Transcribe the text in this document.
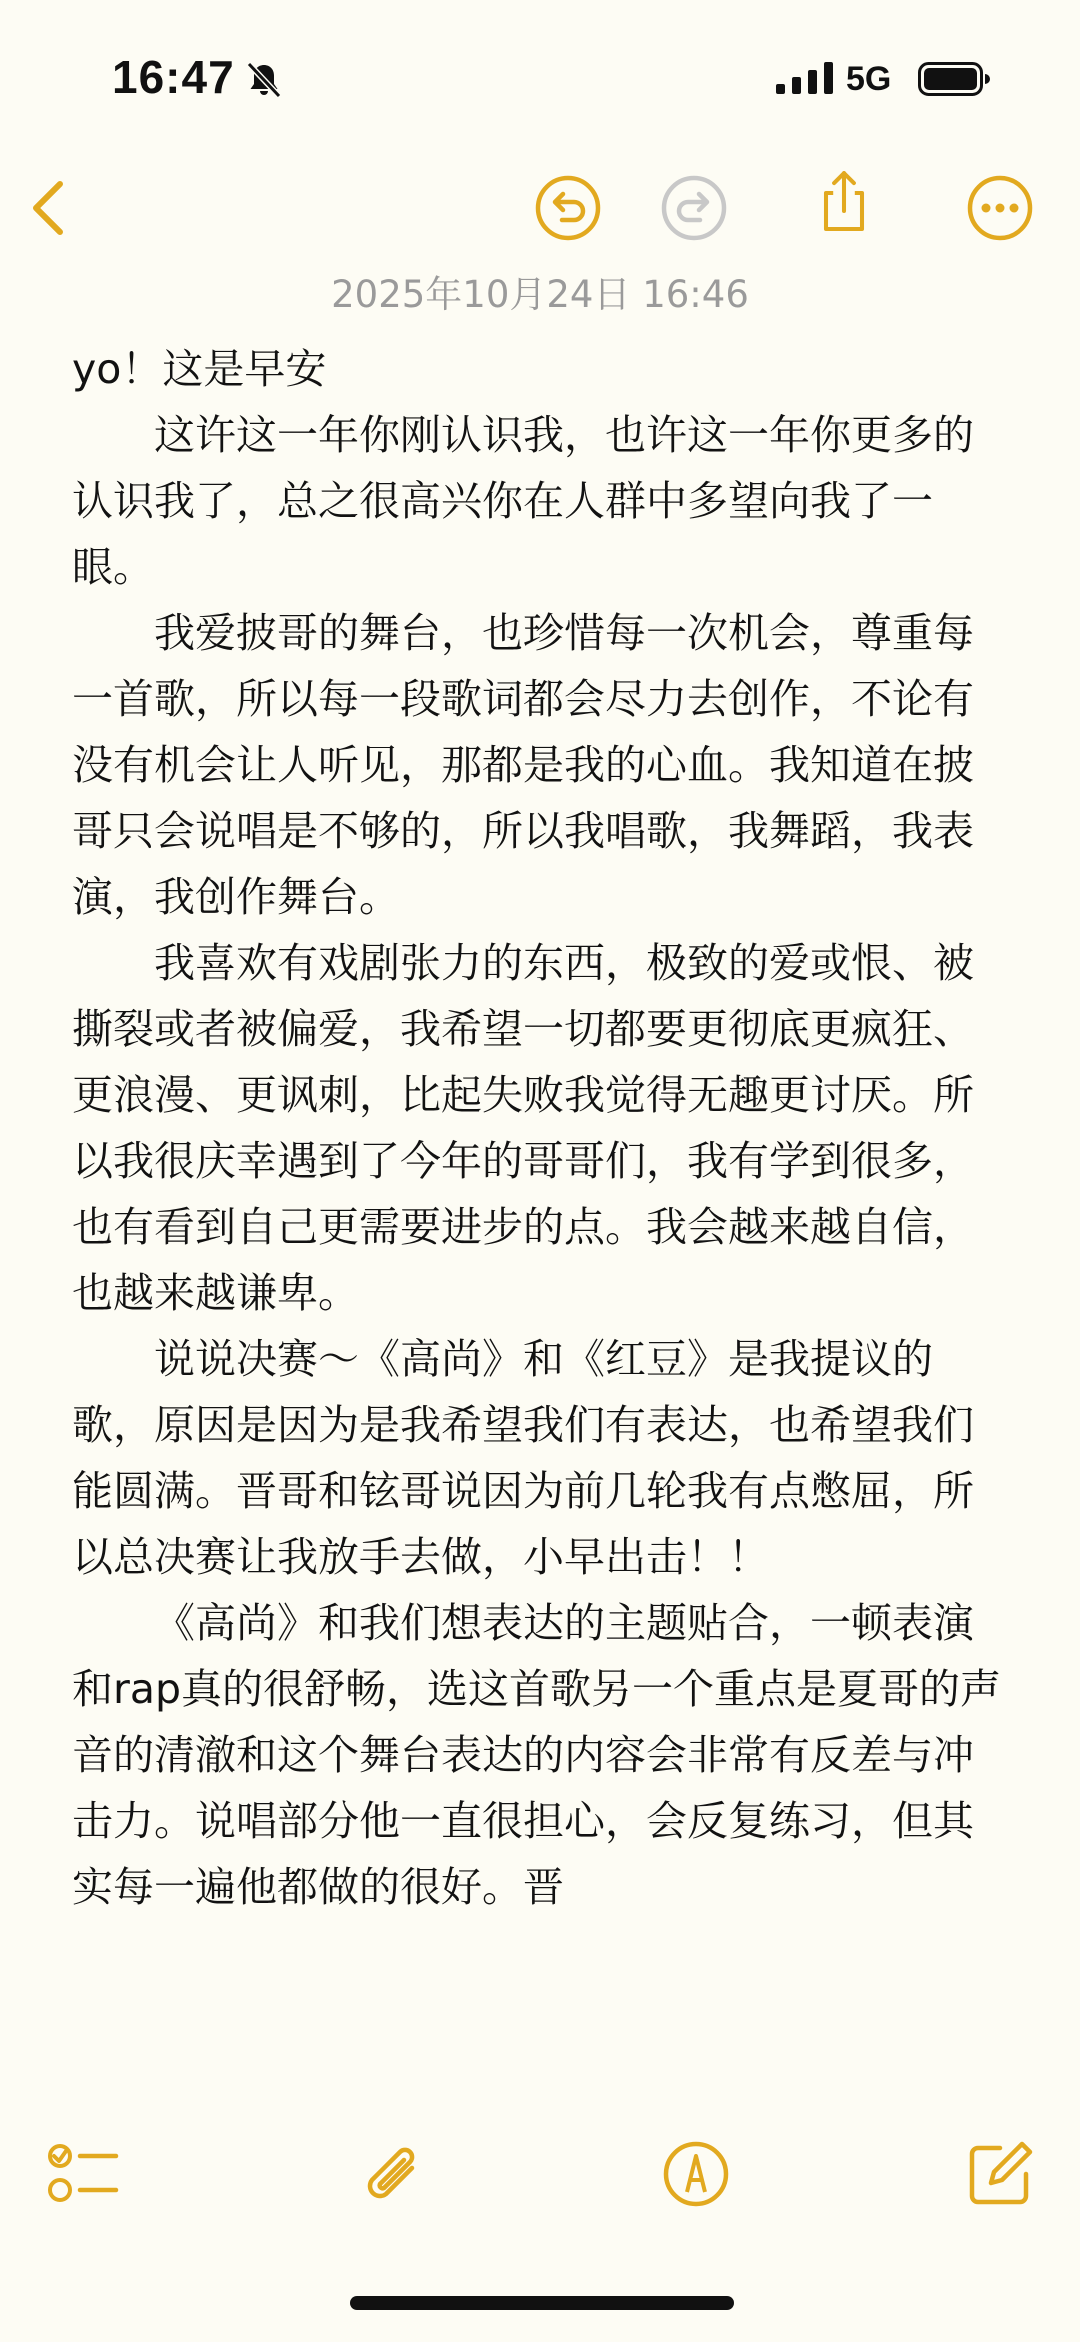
16:47	5G
2025年10月24日 16:46

yo！这是早安

这许这一年你刚认识我，也许这一年你更多的认识我了，总之很高兴你在人群中多望向我了一眼。

我爱披哥的舞台，也珍惜每一次机会，尊重每一首歌，所以每一段歌词都会尽力去创作，不论有没有机会让人听见，那都是我的心血。我知道在披哥只会说唱是不够的，所以我唱歌，我舞蹈，我表演，我创作舞台。

我喜欢有戏剧张力的东西，极致的爱或恨、被撕裂或者被偏爱，我希望一切都要更彻底更疯狂、更浪漫、更讽刺，比起失败我觉得无趣更讨厌。所以我很庆幸遇到了今年的哥哥们，我有学到很多，也有看到自己更需要进步的点。我会越来越自信，也越来越谦卑。

说说决赛～《高尚》和《红豆》是我提议的歌，原因是因为是我希望我们有表达，也希望我们能圆满。晋哥和铉哥说因为前几轮我有点憋屈，所以总决赛让我放手去做，小早出击！！

《高尚》和我们想表达的主题贴合，一顿表演和rap真的很舒畅，选这首歌另一个重点是夏哥的声音的清澈和这个舞台表达的内容会非常有反差与冲击力。说唱部分他一直很担心，会反复练习，但其实每一遍他都做的很好。晋
